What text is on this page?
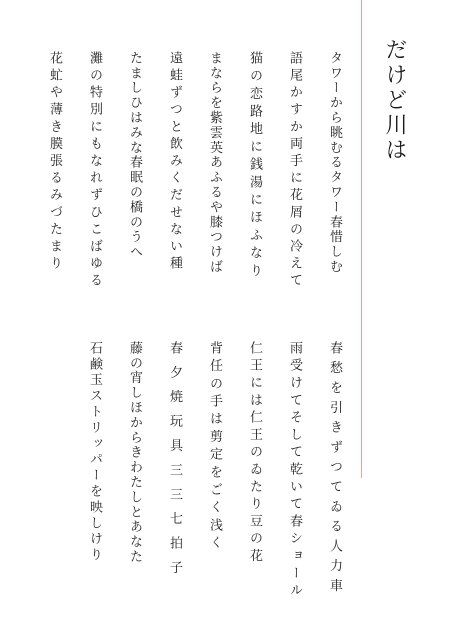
だけど川は
タワーから眺むるタワー春惜しむ
春愁を引きずつてゐる人力車
語尾かすか両手に花屑の冷えて
雨受けてそして乾いて春ショール
猫の恋路地に銭湯にほふなり
仁王には仁王のゐたり豆の花
まならを紫雲英あふるや膝つけば
背任の手は剪定をごく浅く
遠蛙ずつと飲みくだせない種
春夕焼玩具三三七拍子
たましひはみな春眠の橋のうへ
藤の宵しほからきわたしとあなた
灘の特別にもなれずひこばゆる
石鹸玉ストリッパーを映しけり
花虻や薄き膜張るみづたまり
